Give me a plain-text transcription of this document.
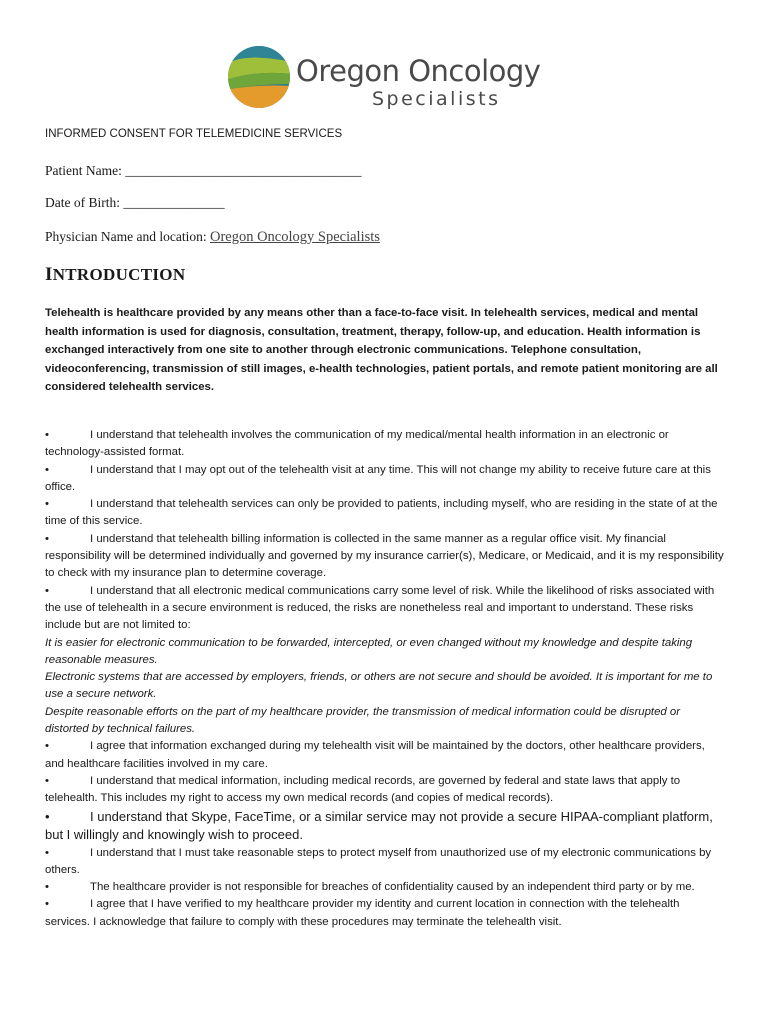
Oregon Oncology
Specialists
INFORMED CONSENT FOR TELEMEDICINE SERVICES
Patient Name: ___________________________________
Date of Birth: _______________
Physician Name and location: Oregon Oncology Specialists
INTRODUCTION
Telehealth is healthcare provided by any means other than a face-to-face visit. In telehealth services, medical and mental health information is used for diagnosis, consultation, treatment, therapy, follow-up, and education. Health information is exchanged interactively from one site to another through electronic communications. Telephone consultation, videoconferencing, transmission of still images, e-health technologies, patient portals, and remote patient monitoring are all considered telehealth services.
•	I understand that telehealth involves the communication of my medical/mental health information in an electronic or technology-assisted format.
•	I understand that I may opt out of the telehealth visit at any time. This will not change my ability to receive future care at this office.
•	I understand that telehealth services can only be provided to patients, including myself, who are residing in the state of at the time of this service.
•	I understand that telehealth billing information is collected in the same manner as a regular office visit. My financial responsibility will be determined individually and governed by my insurance carrier(s), Medicare, or Medicaid, and it is my responsibility to check with my insurance plan to determine coverage.
•	I understand that all electronic medical communications carry some level of risk. While the likelihood of risks associated with the use of telehealth in a secure environment is reduced, the risks are nonetheless real and important to understand. These risks include but are not limited to:
It is easier for electronic communication to be forwarded, intercepted, or even changed without my knowledge and despite taking reasonable measures.
Electronic systems that are accessed by employers, friends, or others are not secure and should be avoided. It is important for me to use a secure network.
Despite reasonable efforts on the part of my healthcare provider, the transmission of medical information could be disrupted or distorted by technical failures.
•	I agree that information exchanged during my telehealth visit will be maintained by the doctors, other healthcare providers, and healthcare facilities involved in my care.
•	I understand that medical information, including medical records, are governed by federal and state laws that apply to telehealth. This includes my right to access my own medical records (and copies of medical records).
•	I understand that Skype, FaceTime, or a similar service may not provide a secure HIPAA-compliant platform, but I willingly and knowingly wish to proceed.
•	I understand that I must take reasonable steps to protect myself from unauthorized use of my electronic communications by others.
•	The healthcare provider is not responsible for breaches of confidentiality caused by an independent third party or by me.
•	I agree that I have verified to my healthcare provider my identity and current location in connection with the telehealth services. I acknowledge that failure to comply with these procedures may terminate the telehealth visit.
